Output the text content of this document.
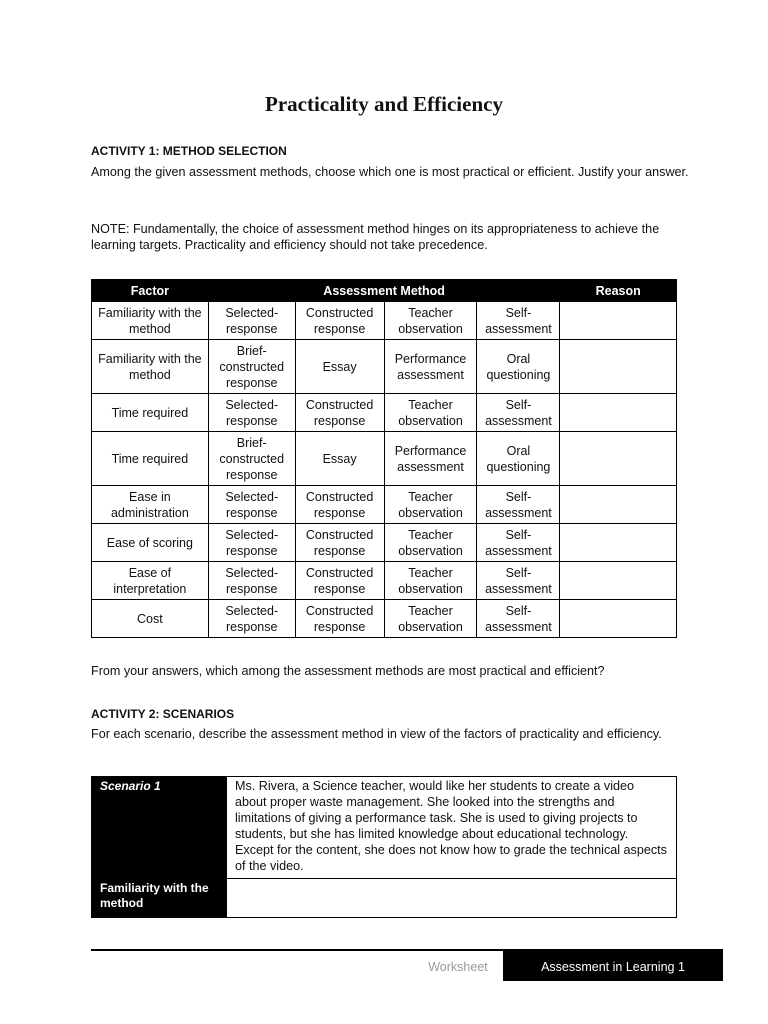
Practicality and Efficiency
ACTIVITY 1: METHOD SELECTION
Among the given assessment methods, choose which one is most practical or efficient. Justify your answer.
NOTE: Fundamentally, the choice of assessment method hinges on its appropriateness to achieve the learning targets. Practicality and efficiency should not take precedence.
Factor	Assessment Method				Reason
Familiarity with the method	Selected-response	Constructed response	Teacher observation	Self-assessment	
Familiarity with the method	Brief-constructed response	Essay	Performance assessment	Oral questioning	
Time required	Selected-response	Constructed response	Teacher observation	Self-assessment	
Time required	Brief-constructed response	Essay	Performance assessment	Oral questioning	
Ease in administration	Selected-response	Constructed response	Teacher observation	Self-assessment	
Ease of scoring	Selected-response	Constructed response	Teacher observation	Self-assessment	
Ease of interpretation	Selected-response	Constructed response	Teacher observation	Self-assessment	
Cost	Selected-response	Constructed response	Teacher observation	Self-assessment	
From your answers, which among the assessment methods are most practical and efficient?
ACTIVITY 2: SCENARIOS
For each scenario, describe the assessment method in view of the factors of practicality and efficiency.
Scenario 1	Ms. Rivera, a Science teacher, would like her students to create a video about proper waste management. She looked into the strengths and limitations of giving a performance task. She is used to giving projects to students, but she has limited knowledge about educational technology. Except for the content, she does not know how to grade the technical aspects of the video.
Familiarity with the method	
Worksheet	Assessment in Learning 1
